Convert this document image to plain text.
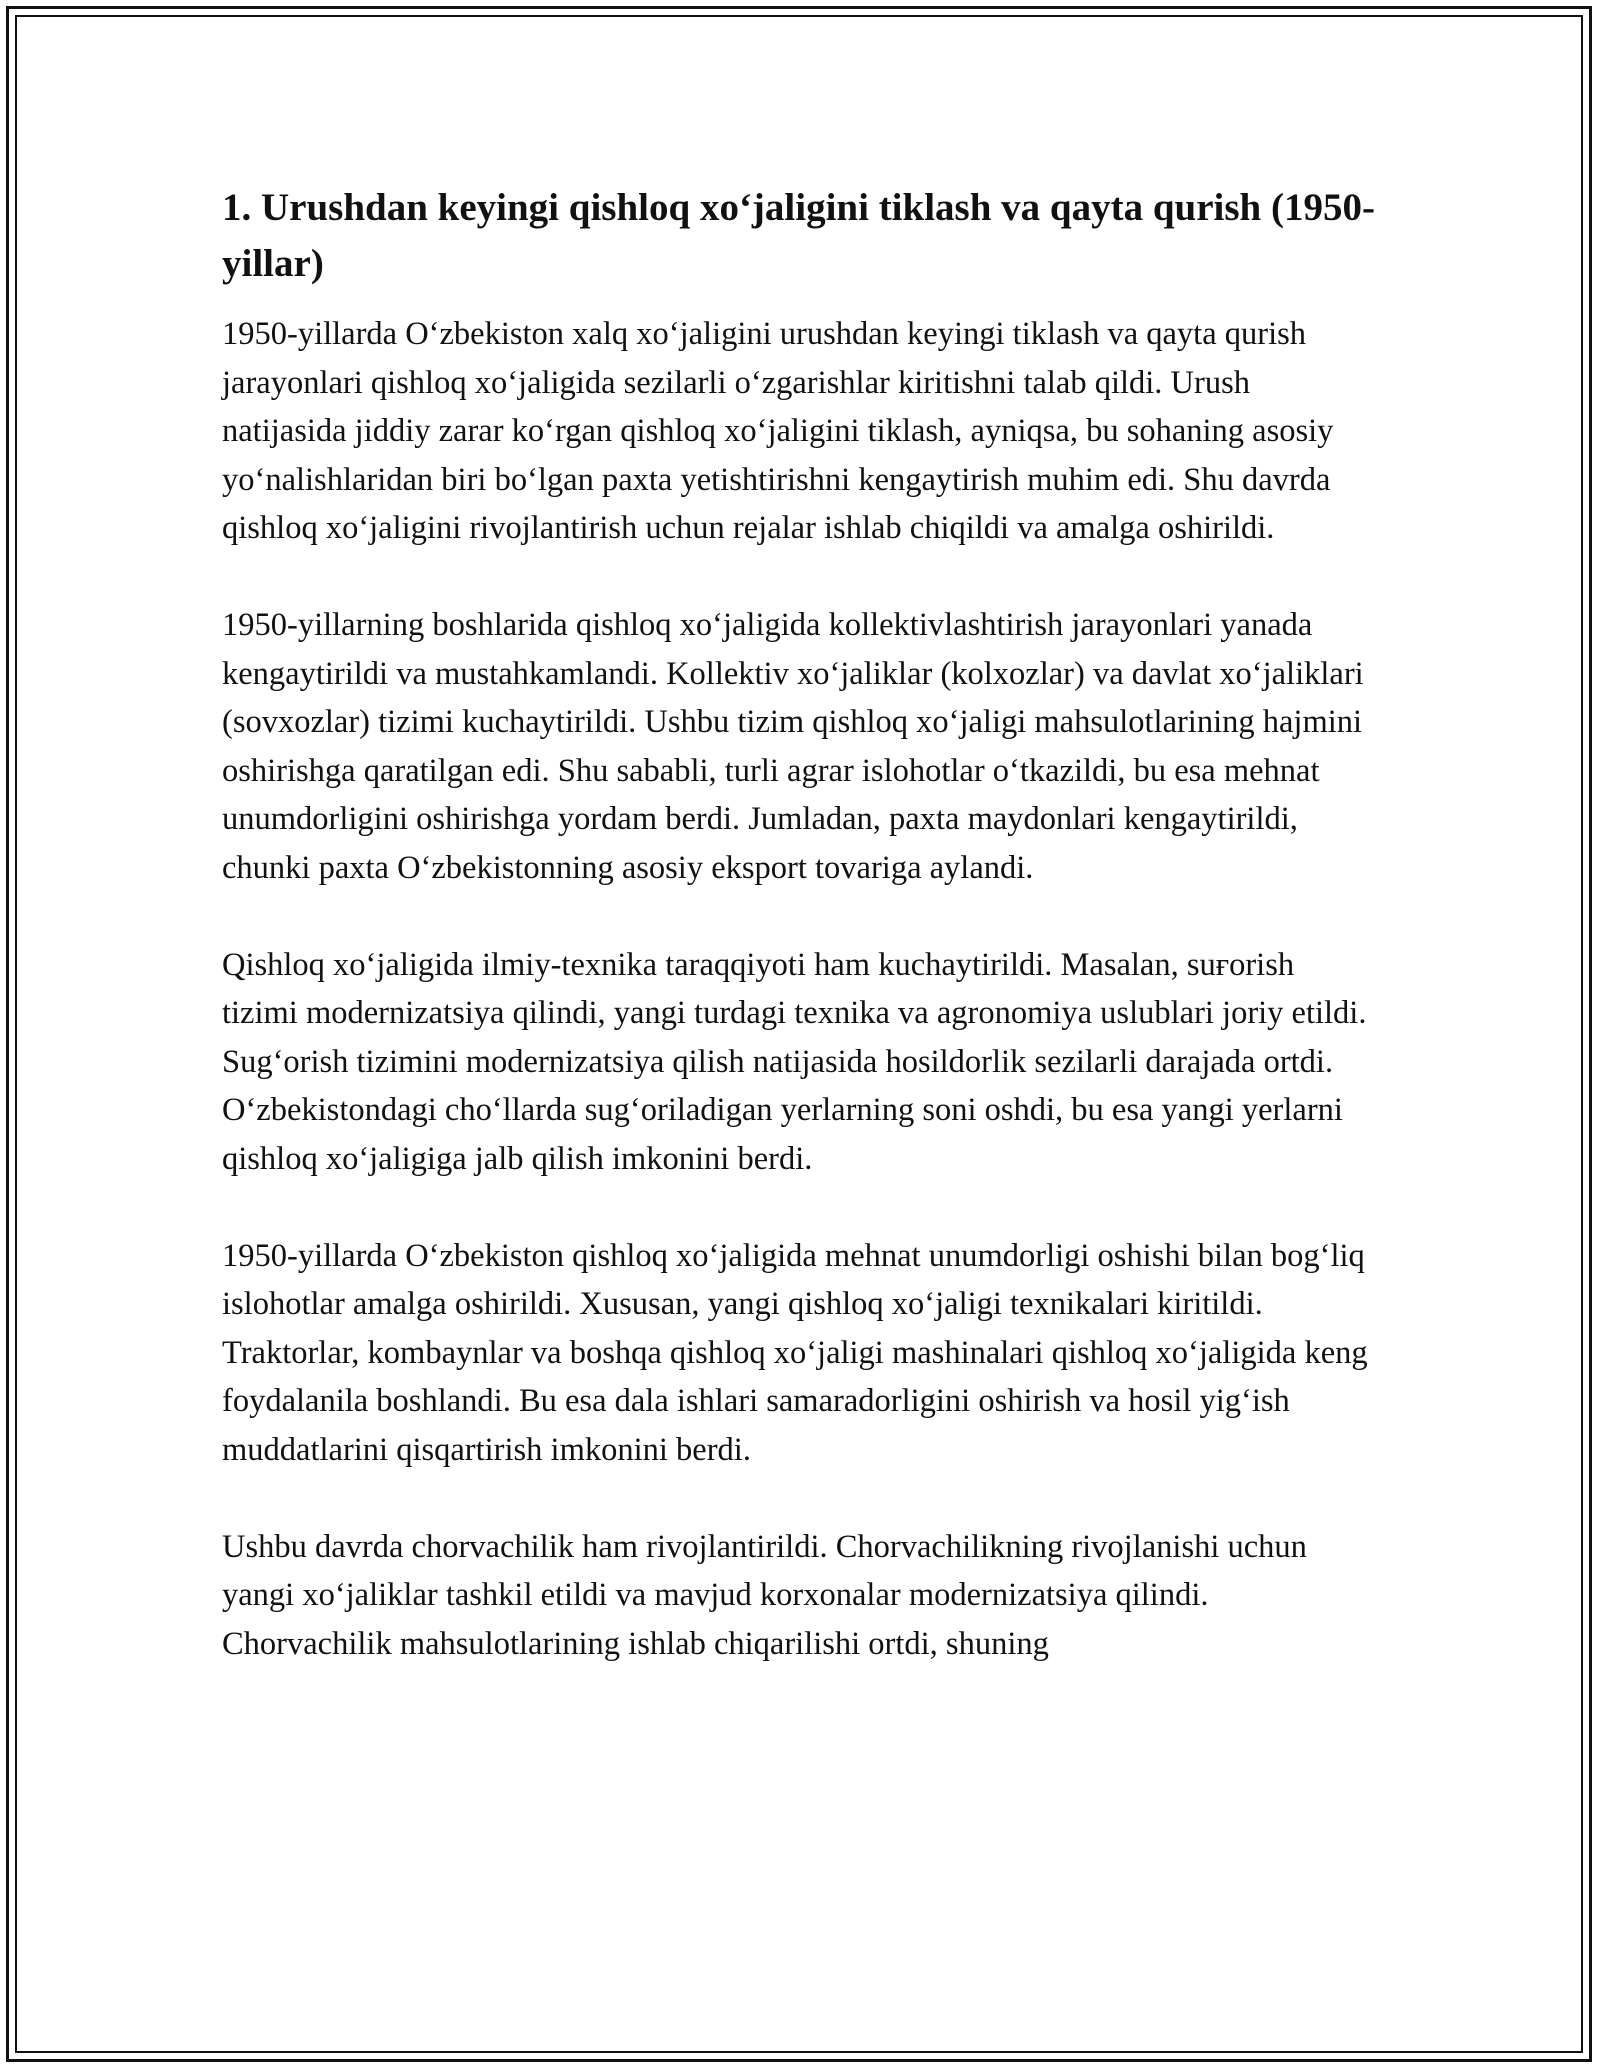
1. Urushdan keyingi qishloq xoʻjaligini tiklash va qayta qurish (1950-yillar)

1950-yillarda Oʻzbekiston xalq xoʻjaligini urushdan keyingi tiklash va qayta qurish jarayonlari qishloq xoʻjaligida sezilarli oʻzgarishlar kiritishni talab qildi. Urush natijasida jiddiy zarar koʻrgan qishloq xoʻjaligini tiklash, ayniqsa, bu sohaning asosiy yoʻnalishlaridan biri boʻlgan paxta yetishtirishni kengaytirish muhim edi. Shu davrda qishloq xoʻjaligini rivojlantirish uchun rejalar ishlab chiqildi va amalga oshirildi.

1950-yillarning boshlarida qishloq xoʻjaligida kollektivlashtirish jarayonlari yanada kengaytirildi va mustahkamlandi. Kollektiv xoʻjaliklar (kolxozlar) va davlat xoʻjaliklari (sovxozlar) tizimi kuchaytirildi. Ushbu tizim qishloq xoʻjaligi mahsulotlarining hajmini oshirishga qaratilgan edi. Shu sababli, turli agrar islohotlar oʻtkazildi, bu esa mehnat unumdorligini oshirishga yordam berdi. Jumladan, paxta maydonlari kengaytirildi, chunki paxta Oʻzbekistonning asosiy eksport tovariga aylandi.

Qishloq xoʻjaligida ilmiy-texnika taraqqiyoti ham kuchaytirildi. Masalan, suғorish tizimi modernizatsiya qilindi, yangi turdagi texnika va agronomiya uslublari joriy etildi. Sugʻorish tizimini modernizatsiya qilish natijasida hosildorlik sezilarli darajada ortdi. Oʻzbekistondagi choʻllarda sugʻoriladigan yerlarning soni oshdi, bu esa yangi yerlarni qishloq xoʻjaligiga jalb qilish imkonini berdi.

1950-yillarda Oʻzbekiston qishloq xoʻjaligida mehnat unumdorligi oshishi bilan bogʻliq islohotlar amalga oshirildi. Xususan, yangi qishloq xoʻjaligi texnikalari kiritildi. Traktorlar, kombaynlar va boshqa qishloq xoʻjaligi mashinalari qishloq xoʻjaligida keng foydalanila boshlandi. Bu esa dala ishlari samaradorligini oshirish va hosil yigʻish muddatlarini qisqartirish imkonini berdi.

Ushbu davrda chorvachilik ham rivojlantirildi. Chorvachilikning rivojlanishi uchun yangi xoʻjaliklar tashkil etildi va mavjud korxonalar modernizatsiya qilindi. Chorvachilik mahsulotlarining ishlab chiqarilishi ortdi, shuning
